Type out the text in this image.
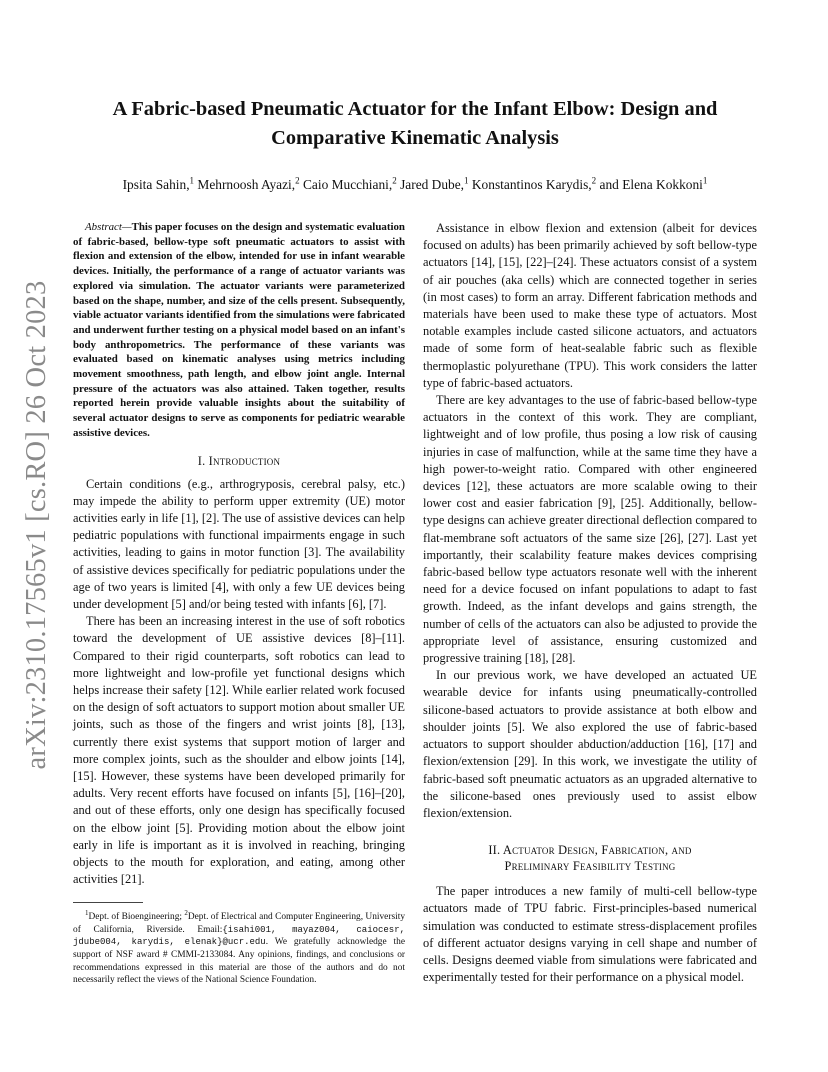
arXiv:2310.17565v1 [cs.RO] 26 Oct 2023
A Fabric-based Pneumatic Actuator for the Infant Elbow: Design and
Comparative Kinematic Analysis
Ipsita Sahin,$^1$ Mehrnoosh Ayazi,$^2$ Caio Mucchiani,$^2$ Jared Dube,$^1$ Konstantinos Karydis,$^2$ and Elena Kokkoni$^1$

Abstract—This paper focuses on the design and systematic evaluation of fabric-based, bellow-type soft pneumatic actuators to assist with flexion and extension of the elbow, intended for use in infant wearable devices. Initially, the performance of a range of actuator variants was explored via simulation. The actuator variants were parameterized based on the shape, number, and size of the cells present. Subsequently, viable actuator variants identified from the simulations were fabricated and underwent further testing on a physical model based on an infant's body anthropometrics. The performance of these variants was evaluated based on kinematic analyses using metrics including movement smoothness, path length, and elbow joint angle. Internal pressure of the actuators was also attained. Taken together, results reported herein provide valuable insights about the suitability of several actuator designs to serve as components for pediatric wearable assistive devices.

I. Introduction

Certain conditions (e.g., arthrogryposis, cerebral palsy, etc.) may impede the ability to perform upper extremity (UE) motor activities early in life [1], [2]. The use of assistive devices can help pediatric populations with functional impairments engage in such activities, leading to gains in motor function [3]. The availability of assistive devices specifically for pediatric populations under the age of two years is limited [4], with only a few UE devices being under development [5] and/or being tested with infants [6], [7].

There has been an increasing interest in the use of soft robotics toward the development of UE assistive devices [8]–[11]. Compared to their rigid counterparts, soft robotics can lead to more lightweight and low-profile yet functional designs which helps increase their safety [12]. While earlier related work focused on the design of soft actuators to support motion about smaller UE joints, such as those of the fingers and wrist joints [8], [13], currently there exist systems that support motion of larger and more complex joints, such as the shoulder and elbow joints [14], [15]. However, these systems have been developed primarily for adults. Very recent efforts have focused on infants [5], [16]–[20], and out of these efforts, only one design has specifically focused on the elbow joint [5]. Providing motion about the elbow joint early in life is important as it is involved in reaching, bringing objects to the mouth for exploration, and eating, among other activities [21].

$^1$Dept. of Bioengineering; $^2$Dept. of Electrical and Computer Engineering, University of California, Riverside. Email:{isahi001, mayaz004, caiocesr, jdube004, karydis, elenak}@ucr.edu. We gratefully acknowledge the support of NSF award # CMMI-2133084. Any opinions, findings, and conclusions or recommendations expressed in this material are those of the authors and do not necessarily reflect the views of the National Science Foundation.

Assistance in elbow flexion and extension (albeit for devices focused on adults) has been primarily achieved by soft bellow-type actuators [14], [15], [22]–[24]. These actuators consist of a system of air pouches (aka cells) which are connected together in series (in most cases) to form an array. Different fabrication methods and materials have been used to make these type of actuators. Most notable examples include casted silicone actuators, and actuators made of some form of heat-sealable fabric such as flexible thermoplastic polyurethane (TPU). This work considers the latter type of fabric-based actuators.

There are key advantages to the use of fabric-based bellow-type actuators in the context of this work. They are compliant, lightweight and of low profile, thus posing a low risk of causing injuries in case of malfunction, while at the same time they have a high power-to-weight ratio. Compared with other engineered devices [12], these actuators are more scalable owing to their lower cost and easier fabrication [9], [25]. Additionally, bellow-type designs can achieve greater directional deflection compared to flat-membrane soft actuators of the same size [26], [27]. Last yet importantly, their scalability feature makes devices comprising fabric-based bellow type actuators resonate well with the inherent need for a device focused on infant populations to adapt to fast growth. Indeed, as the infant develops and gains strength, the number of cells of the actuators can also be adjusted to provide the appropriate level of assistance, ensuring customized and progressive training [18], [28].

In our previous work, we have developed an actuated UE wearable device for infants using pneumatically-controlled silicone-based actuators to provide assistance at both elbow and shoulder joints [5]. We also explored the use of fabric-based actuators to support shoulder abduction/adduction [16], [17] and flexion/extension [29]. In this work, we investigate the utility of fabric-based soft pneumatic actuators as an upgraded alternative to the silicone-based ones previously used to assist elbow flexion/extension.

II. Actuator Design, Fabrication, and
Preliminary Feasibility Testing

The paper introduces a new family of multi-cell bellow-type actuators made of TPU fabric. First-principles-based numerical simulation was conducted to estimate stress-displacement profiles of different actuator designs varying in cell shape and number of cells. Designs deemed viable from simulations were fabricated and experimentally tested for their performance on a physical model.
